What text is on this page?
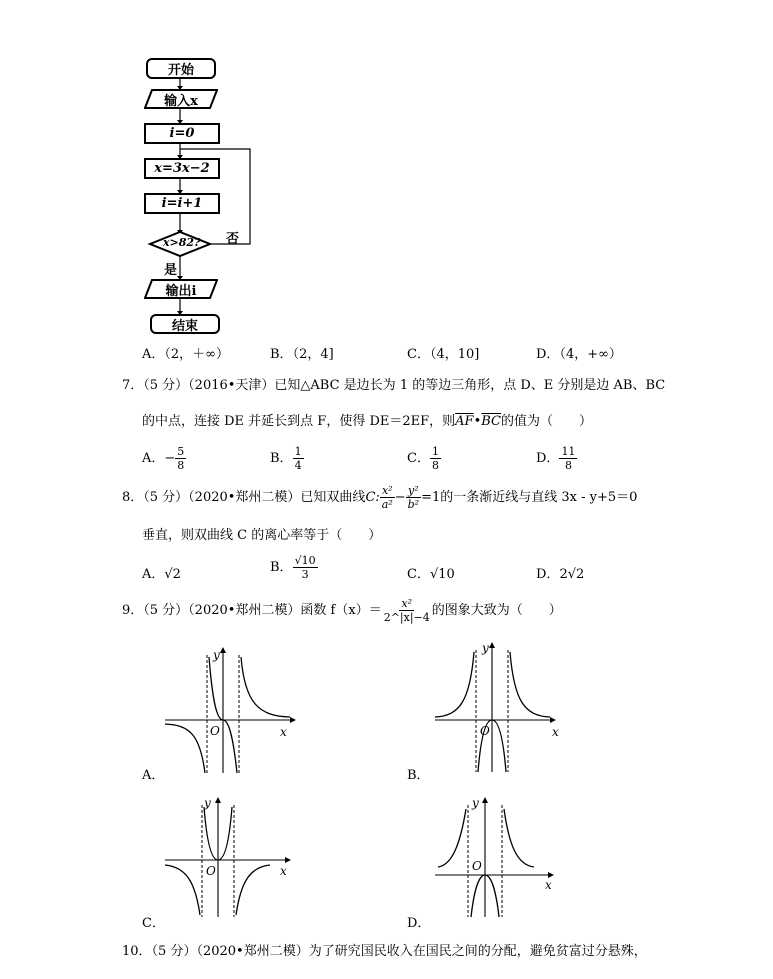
开始
输入x
i=0
x=3x−2
i=i+1
x>82? 否
是
输出i
结束
A．（2，＋∞）	B．（2，4]	C．（4，10]	D．（4，+∞）
7．（5 分）（2016•天津）已知△ABC 是边长为 1 的等边三角形，点 D、E 分别是边 AB、BC
的中点，连接 DE 并延长到点 F，使得 DE＝2EF，则$\overline{AF}•\overline{BC}$的值为（　　）
A．− $\frac{5}{8}$	B． $\frac{1}{4}$	C． $\frac{1}{8}$	D． $\frac{11}{8}$
8．（5 分）（2020•郑州二模）已知双曲线C: $\frac{\text{x²}}{\text{a²}} - \frac{\text{y²}}{\text{b²}} =1$的一条渐近线与直线 3x - y+5＝0
垂直，则双曲线 C 的离心率等于（　　）
A．√2	B． $\frac{√10}{3}$	C．√10	D．2√2
9．（5 分）（2020•郑州二模）函数 $f(x)= \frac{\text{x²}}{2\^{}|x|-4}$ 的图象大致为（　　）
y
x
O
A．
y
x
O
B．
y
x
O
C．
y
x
O
D．
10．（5 分）（2020•郑州二模）为了研究国民收入在国民之间的分配，避免贫富过分悬殊，
